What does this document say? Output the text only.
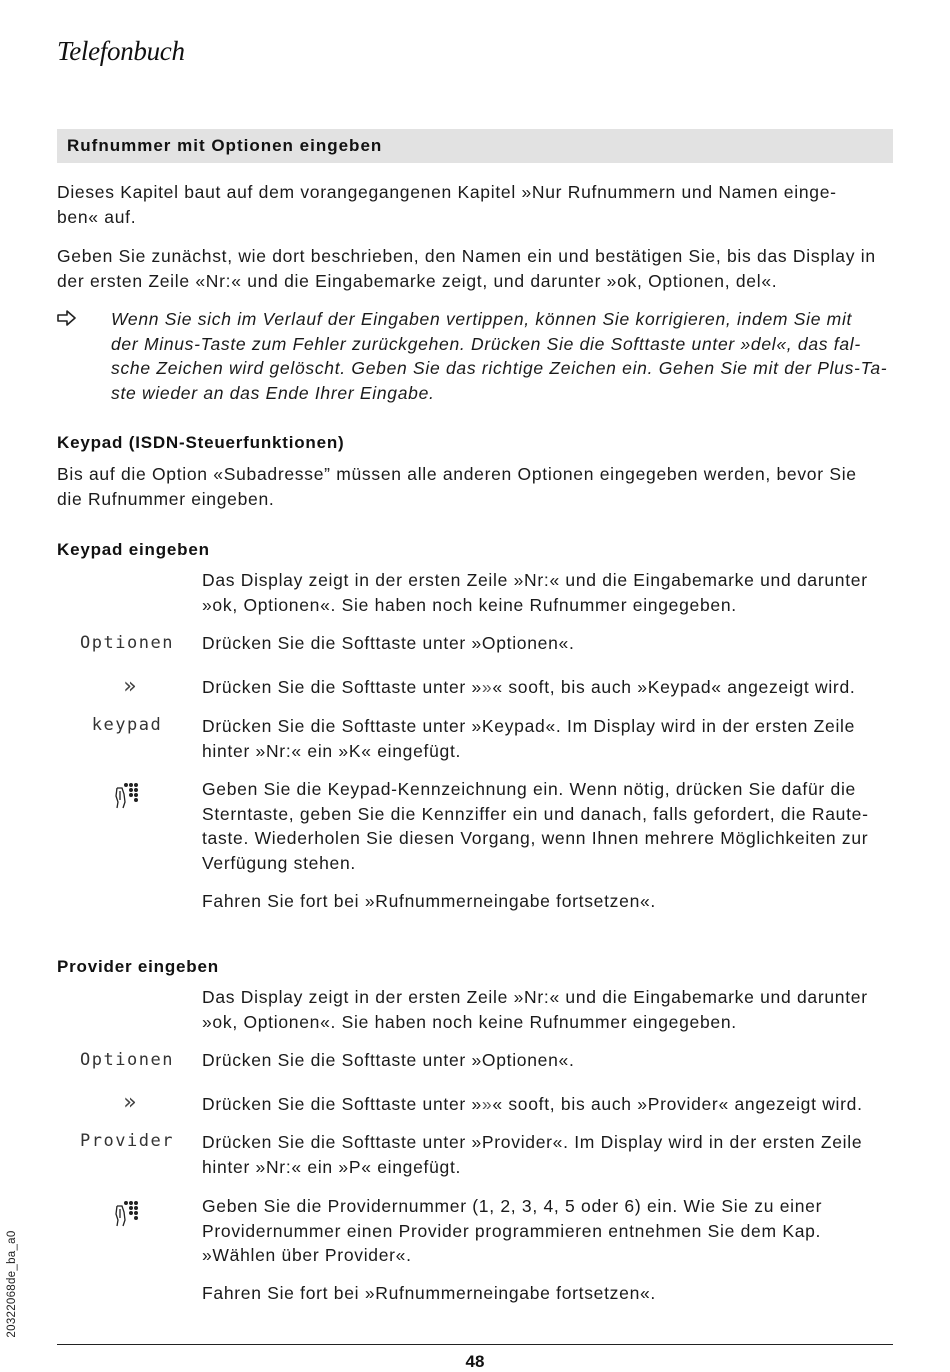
Telefonbuch
Rufnummer mit Optionen eingeben
Dieses Kapitel baut auf dem vorangegangenen Kapitel »Nur Rufnummern und Namen einge-
ben« auf.
Geben Sie zunächst, wie dort beschrieben, den Namen ein und bestätigen Sie, bis das Display in
der ersten Zeile «Nr:« und die Eingabemarke zeigt, und darunter »ok, Optionen, del«.
Wenn Sie sich im Verlauf der Eingaben vertippen, können Sie korrigieren, indem Sie mit
der Minus-Taste zum Fehler zurückgehen. Drücken Sie die Softtaste unter »del«, das fal-
sche Zeichen wird gelöscht. Geben Sie das richtige Zeichen ein. Gehen Sie mit der Plus-Ta-
ste wieder an das Ende Ihrer Eingabe.
Keypad (ISDN-Steuerfunktionen)
Bis auf die Option «Subadresse” müssen alle anderen Optionen eingegeben werden, bevor Sie
die Rufnummer eingeben.
Keypad eingeben
Das Display zeigt in der ersten Zeile »Nr:« und die Eingabemarke und darunter
»ok, Optionen«. Sie haben noch keine Rufnummer eingegeben.
Optionen	Drücken Sie die Softtaste unter »Optionen«.
»	Drücken Sie die Softtaste unter »»« sooft, bis auch »Keypad« angezeigt wird.
keypad	Drücken Sie die Softtaste unter »Keypad«. Im Display wird in der ersten Zeile
hinter »Nr:« ein »K« eingefügt.
Geben Sie die Keypad-Kennzeichnung ein. Wenn nötig, drücken Sie dafür die
Sterntaste, geben Sie die Kennziffer ein und danach, falls gefordert, die Raute-
taste. Wiederholen Sie diesen Vorgang, wenn Ihnen mehrere Möglichkeiten zur
Verfügung stehen.
Fahren Sie fort bei »Rufnummerneingabe fortsetzen«.
Provider eingeben
Das Display zeigt in der ersten Zeile »Nr:« und die Eingabemarke und darunter
»ok, Optionen«. Sie haben noch keine Rufnummer eingegeben.
Optionen	Drücken Sie die Softtaste unter »Optionen«.
»	Drücken Sie die Softtaste unter »»« sooft, bis auch »Provider« angezeigt wird.
Provider	Drücken Sie die Softtaste unter »Provider«. Im Display wird in der ersten Zeile
hinter »Nr:« ein »P« eingefügt.
Geben Sie die Providernummer (1, 2, 3, 4, 5 oder 6) ein. Wie Sie zu einer
Providernummer einen Provider programmieren entnehmen Sie dem Kap.
»Wählen über Provider«.
Fahren Sie fort bei »Rufnummerneingabe fortsetzen«.
20322068de_ba_a0
48
